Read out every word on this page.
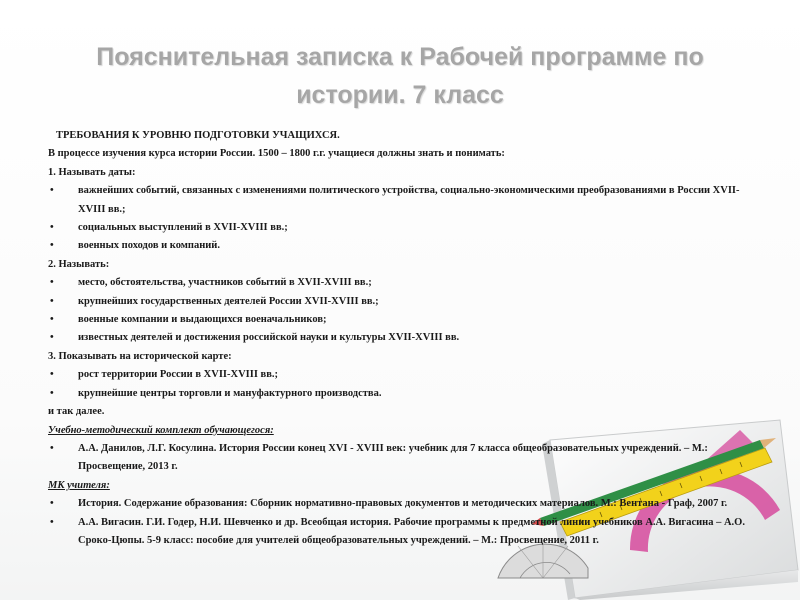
Пояснительная записка к Рабочей программе по
истории. 7 класс

ТРЕБОВАНИЯ К УРОВНЮ ПОДГОТОВКИ УЧАЩИХСЯ.

В процессе изучения курса истории России. 1500 – 1800 г.г. учащиеся должны знать и понимать:

1. Называть даты:

• важнейших событий, связанных с изменениями политического устройства, социально-экономическими преобразованиями в России XVII-XVIII вв.;
• социальных выступлений в XVII-XVIII вв.;
• военных походов и компаний.

2. Называть:

• место, обстоятельства, участников событий в XVII-XVIII вв.;
• крупнейших государственных деятелей России XVII-XVIII вв.;
• военные компании и выдающихся военачальников;
• известных деятелей и достижения российской науки и культуры XVII-XVIII вв.

3. Показывать на исторической карте:

• рост территории России в XVII-XVIII вв.;
• крупнейшие центры торговли и мануфактурного производства.

и так далее.

Учебно-методический комплект обучающегося:

• А.А. Данилов, Л.Г. Косулина. История России конец XVI - XVIII век: учебник для 7 класса общеобразовательных учреждений. – М.: Просвещение, 2013 г.

МК учителя:

• История. Содержание образования: Сборник нормативно-правовых документов и методических материалов. М.: Вентана - Граф, 2007 г.
• А.А. Вигасин. Г.И. Годер, Н.И. Шевченко и др. Всеобщая история. Рабочие программы к предметной линии учебников А.А. Вигасина – А.О. Сроко-Цюпы. 5-9 класс: пособие для учителей общеобразовательных учреждений. – М.: Просвещение, 2011 г.
